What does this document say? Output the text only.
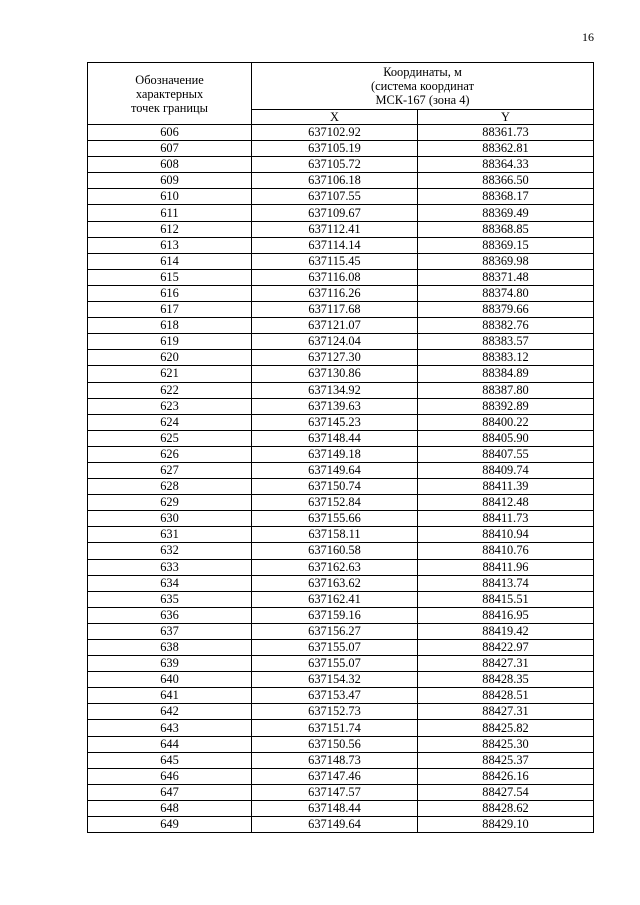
16
Обозначение
характерных
точек границы	Координаты, м
(система координат
МСК-167 (зона 4)	

	X	Y
606	637102.92	88361.73
607	637105.19	88362.81
608	637105.72	88364.33
609	637106.18	88366.50
610	637107.55	88368.17
611	637109.67	88369.49
612	637112.41	88368.85
613	637114.14	88369.15
614	637115.45	88369.98
615	637116.08	88371.48
616	637116.26	88374.80
617	637117.68	88379.66
618	637121.07	88382.76
619	637124.04	88383.57
620	637127.30	88383.12
621	637130.86	88384.89
622	637134.92	88387.80
623	637139.63	88392.89
624	637145.23	88400.22
625	637148.44	88405.90
626	637149.18	88407.55
627	637149.64	88409.74
628	637150.74	88411.39
629	637152.84	88412.48
630	637155.66	88411.73
631	637158.11	88410.94
632	637160.58	88410.76
633	637162.63	88411.96
634	637163.62	88413.74
635	637162.41	88415.51
636	637159.16	88416.95
637	637156.27	88419.42
638	637155.07	88422.97
639	637155.07	88427.31
640	637154.32	88428.35
641	637153.47	88428.51
642	637152.73	88427.31
643	637151.74	88425.82
644	637150.56	88425.30
645	637148.73	88425.37
646	637147.46	88426.16
647	637147.57	88427.54
648	637148.44	88428.62
649	637149.64	88429.10
